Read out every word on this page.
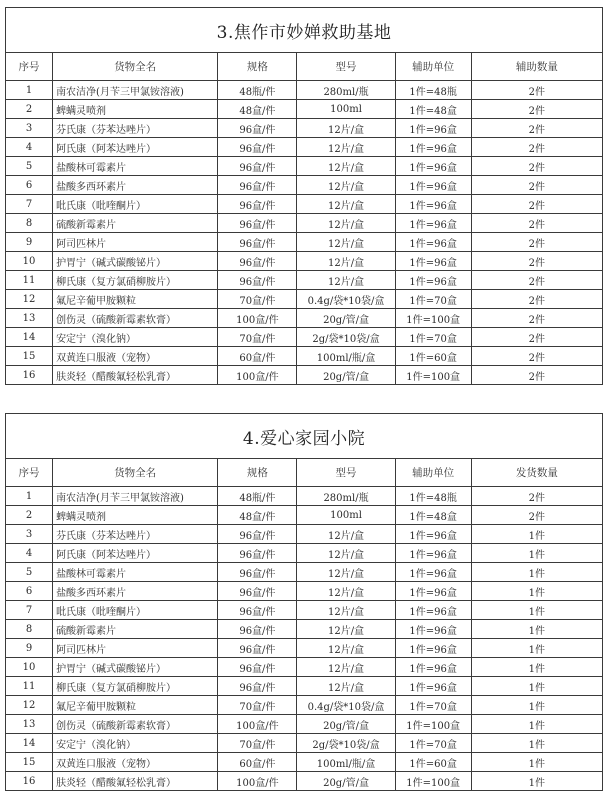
3.焦作市妙婵救助基地					
序号	货物全名	规格	型号	辅助单位	辅助数量
1	南农洁净(月苄三甲氯铵溶液)	48瓶/件	280ml/瓶	1件=48瓶	2件
2	蜱螨灵喷剂	48盒/件	100ml	1件=48盒	2件
3	芬氏康（芬苯达唑片）	96盒/件	12片/盒	1件=96盒	2件
4	阿氏康（阿苯达唑片）	96盒/件	12片/盒	1件=96盒	2件
5	盐酸林可霉素片	96盒/件	12片/盒	1件=96盒	2件
6	盐酸多西环素片	96盒/件	12片/盒	1件=96盒	2件
7	吡氏康（吡喹酮片）	96盒/件	12片/盒	1件=96盒	2件
8	硫酸新霉素片	96盒/件	12片/盒	1件=96盒	2件
9	阿司匹林片	96盒/件	12片/盒	1件=96盒	2件
10	护胃宁（碱式碳酸铋片）	96盒/件	12片/盒	1件=96盒	2件
11	柳氏康（复方氯硝柳胺片）	96盒/件	12片/盒	1件=96盒	2件
12	氟尼辛葡甲胺颗粒	70盒/件	0.4g/袋*10袋/盒	1件=70盒	2件
13	创伤灵（硫酸新霉素软膏）	100盒/件	20g/管/盒	1件=100盒	2件
14	安定宁（溴化钠）	70盒/件	2g/袋*10袋/盒	1件=70盒	2件
15	双黄连口服液（宠物）	60盒/件	100ml/瓶/盒	1件=60盒	2件
16	肤炎轻（醋酸氟轻松乳膏）	100盒/件	20g/管/盒	1件=100盒	2件
4.爱心家园小院					
序号	货物全名	规格	型号	辅助单位	发货数量
1	南农洁净(月苄三甲氯铵溶液)	48瓶/件	280ml/瓶	1件=48瓶	2件
2	蜱螨灵喷剂	48盒/件	100ml	1件=48盒	2件
3	芬氏康（芬苯达唑片）	96盒/件	12片/盒	1件=96盒	1件
4	阿氏康（阿苯达唑片）	96盒/件	12片/盒	1件=96盒	1件
5	盐酸林可霉素片	96盒/件	12片/盒	1件=96盒	1件
6	盐酸多西环素片	96盒/件	12片/盒	1件=96盒	1件
7	吡氏康（吡喹酮片）	96盒/件	12片/盒	1件=96盒	1件
8	硫酸新霉素片	96盒/件	12片/盒	1件=96盒	1件
9	阿司匹林片	96盒/件	12片/盒	1件=96盒	1件
10	护胃宁（碱式碳酸铋片）	96盒/件	12片/盒	1件=96盒	1件
11	柳氏康（复方氯硝柳胺片）	96盒/件	12片/盒	1件=96盒	1件
12	氟尼辛葡甲胺颗粒	70盒/件	0.4g/袋*10袋/盒	1件=70盒	1件
13	创伤灵（硫酸新霉素软膏）	100盒/件	20g/管/盒	1件=100盒	1件
14	安定宁（溴化钠）	70盒/件	2g/袋*10袋/盒	1件=70盒	1件
15	双黄连口服液（宠物）	60盒/件	100ml/瓶/盒	1件=60盒	1件
16	肤炎轻（醋酸氟轻松乳膏）	100盒/件	20g/管/盒	1件=100盒	1件
